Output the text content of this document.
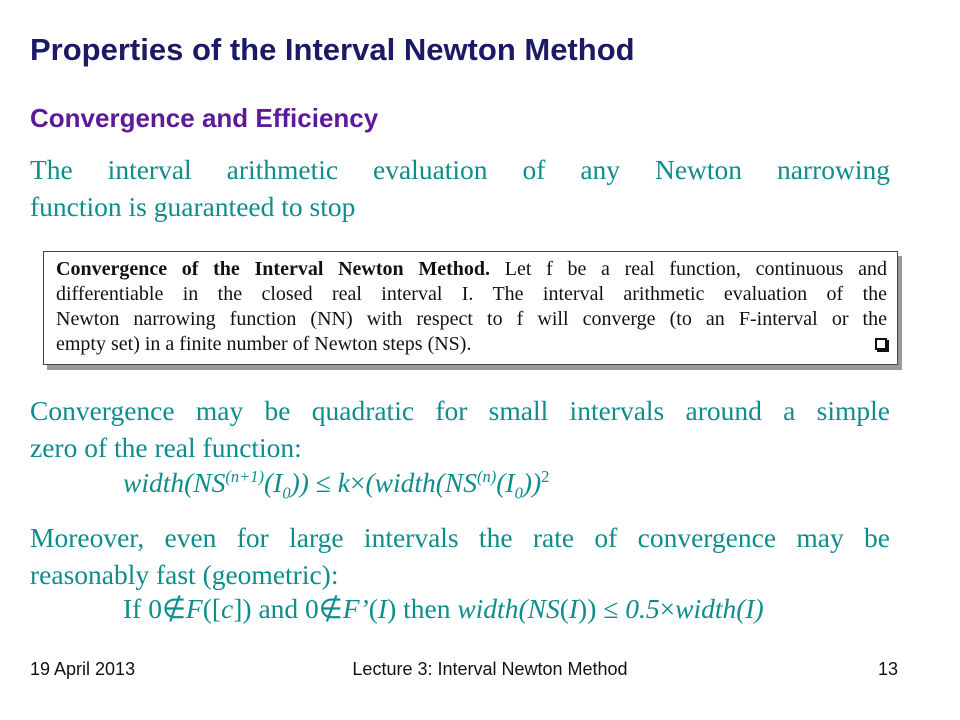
Properties of the Interval Newton Method
Convergence and Efficiency
The interval arithmetic evaluation of any Newton narrowing
function is guaranteed to stop
Convergence of the Interval Newton Method. Let f be a real function, continuous and
differentiable in the closed real interval I. The interval arithmetic evaluation of the
Newton narrowing function (NN) with respect to f will converge (to an F-interval or the
empty set) in a finite number of Newton steps (NS).
Convergence may be quadratic for small intervals around a simple
zero of the real function:
$width(NS^{(n+1)}(I_0))$ ≤ $k\times(width(NS^{(n)}(I_0))^2$
Moreover, even for large intervals the rate of convergence may be
reasonably fast (geometric):
If 0∉F([c]) and 0∉F’(I) then width(NS(I)) ≤ 0.5×width(I)
19 April 2013	Lecture 3: Interval Newton Method	13
